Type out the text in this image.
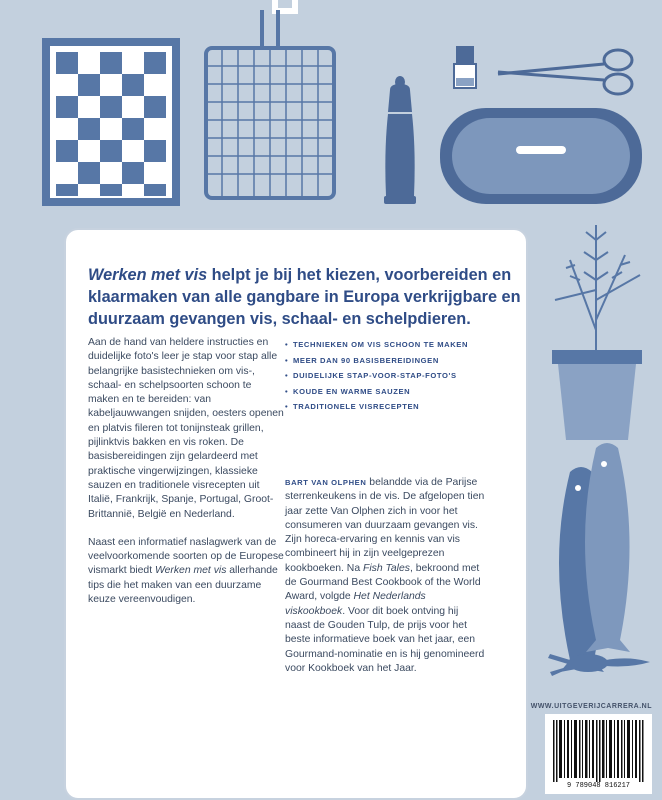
Werken met vis helpt je bij het kiezen, voorbereiden en klaarmaken van alle gangbare in Europa verkrijgbare en duurzaam gevangen vis, schaal- en schelpdieren.

Aan de hand van heldere instructies en duidelijke foto's leer je stap voor stap alle belangrijke basistechnieken om vis-, schaal- en schelpsoorten schoon te maken en te bereiden: van kabeljauwwangen snijden, oesters openen en platvis fileren tot tonijnsteak grillen, pijlinktvis bakken en vis roken. De basisbereidingen zijn gelardeerd met praktische vingerwijzingen, klassieke sauzen en traditionele visrecepten uit Italië, Frankrijk, Spanje, Portugal, Groot-Brittannië, België en Nederland.

Naast een informatief naslagwerk van de veelvoorkomende soorten op de Europese vismarkt biedt Werken met vis allerhande tips die het maken van een duurzame keuze vereenvoudigen.

• TECHNIEKEN OM VIS SCHOON TE MAKEN
• MEER DAN 90 BASISBEREIDINGEN
• DUIDELIJKE STAP-VOOR-STAP-FOTO'S
• KOUDE EN WARME SAUZEN
• TRADITIONELE VISRECEPTEN
BART VAN OLPHEN belandde via de Parijse sterrenkeukens in de vis. De afgelopen tien jaar zette Van Olphen zich in voor het consumeren van duurzaam gevangen vis. Zijn horeca-ervaring en kennis van vis combineert hij in zijn veelgeprezen kookboeken. Na Fish Tales, bekroond met de Gourmand Best Cookbook of the World Award, volgde Het Nederlands viskookboek. Voor dit boek ontving hij naast de Gouden Tulp, de prijs voor het beste informatieve boek van het jaar, een Gourmand-nominatie en is hij genomineerd voor Kookboek van het Jaar.
WWW.UITGEVERIJCARRERA.NL
9 789048 816217
